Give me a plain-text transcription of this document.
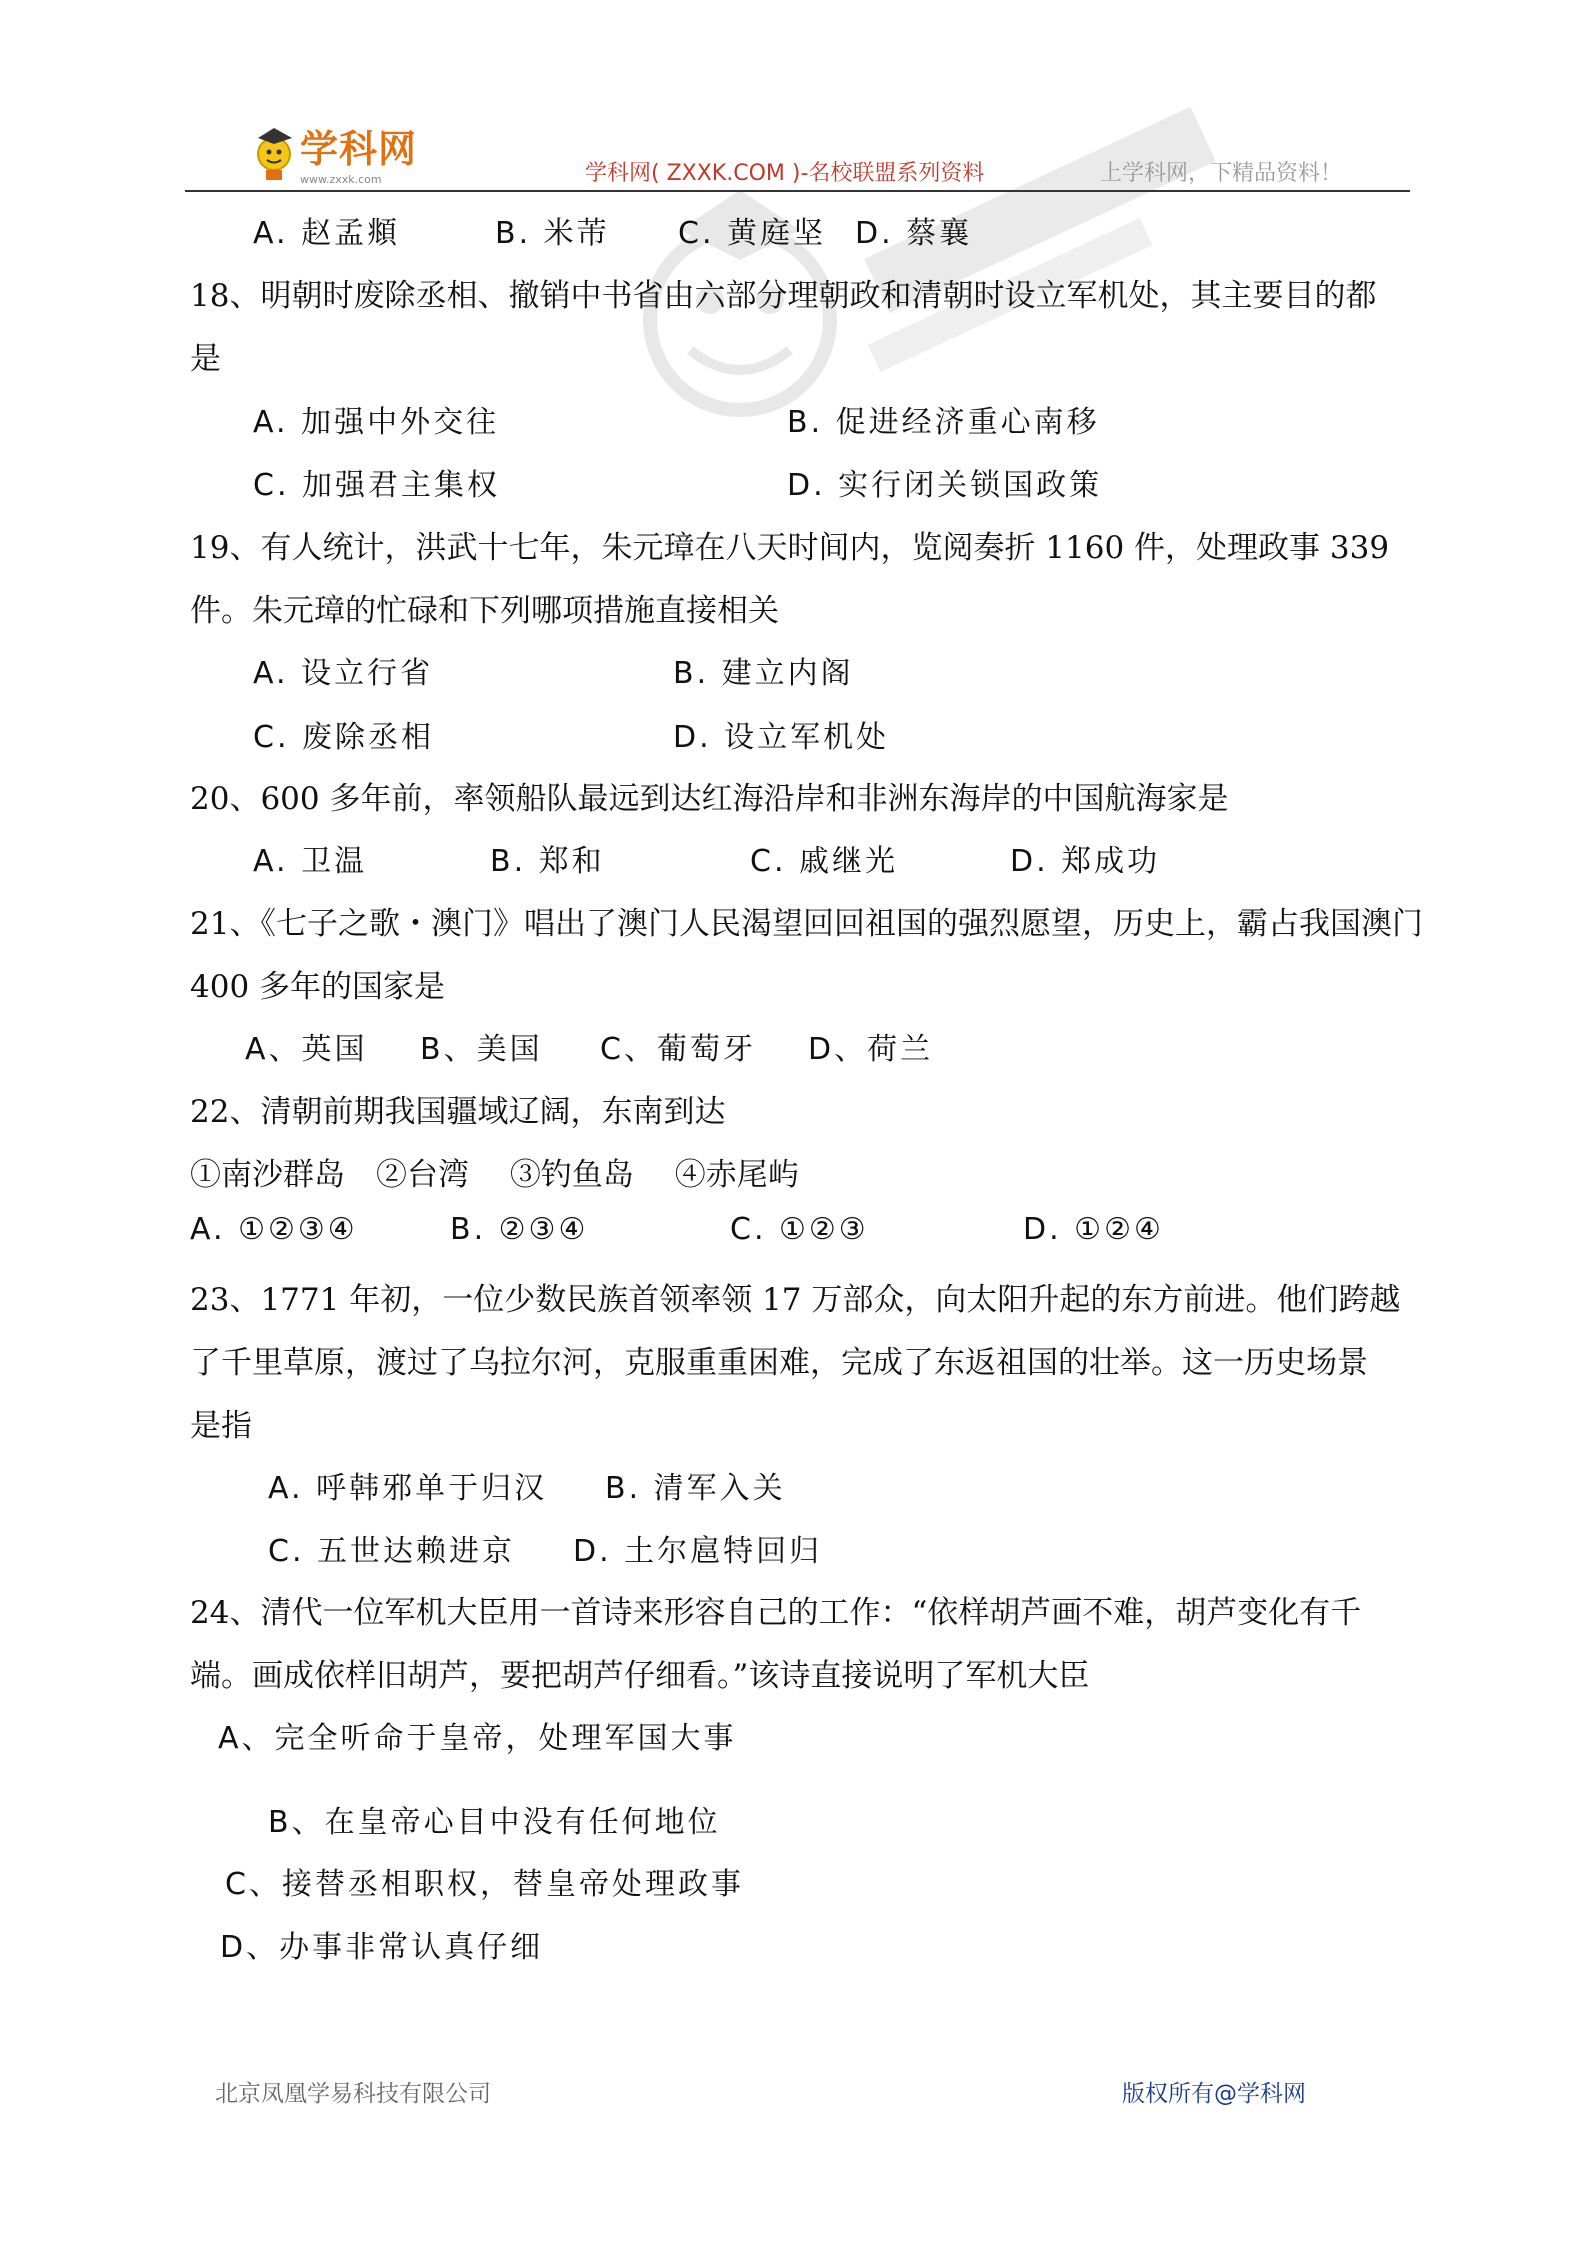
学科网
www.zxxk.com	学科网( ZXXK.COM )-名校联盟系列资料	上学科网，下精品资料！
A. 赵孟頫	B. 米芾 C. 黄庭坚 D. 蔡襄
18、明朝时废除丞相、撤销中书省由六部分理朝政和清朝时设立军机处，其主要目的都
是
A. 加强中外交往	B. 促进经济重心南移
C. 加强君主集权	D. 实行闭关锁国政策
19、有人统计，洪武十七年，朱元璋在八天时间内，览阅奏折 1160 件，处理政事 339
件。朱元璋的忙碌和下列哪项措施直接相关
A. 设立行省	B. 建立内阁
C. 废除丞相	D. 设立军机处
20、600 多年前，率领船队最远到达红海沿岸和非洲东海岸的中国航海家是
A. 卫温	B. 郑和	C. 戚继光	D. 郑成功
21、《七子之歌・澳门》唱出了澳门人民渴望回回祖国的强烈愿望，历史上，霸占我国澳门
400 多年的国家是
A、英国 B、美国 C、葡萄牙 D、荷兰
22、清朝前期我国疆域辽阔，东南到达
①南沙群岛　②台湾　 ③钓鱼岛　 ④赤尾屿
A. ①②③④	B. ②③④	C. ①②③	D. ①②④
23、1771 年初，一位少数民族首领率领 17 万部众，向太阳升起的东方前进。他们跨越
了千里草原，渡过了乌拉尔河，克服重重困难，完成了东返祖国的壮举。这一历史场景
是指
A. 呼韩邪单于归汉 B. 清军入关
C. 五世达赖进京 D. 土尔扈特回归
24、清代一位军机大臣用一首诗来形容自己的工作：“依样胡芦画不难，胡芦变化有千
端。画成依样旧胡芦，要把胡芦仔细看。”该诗直接说明了军机大臣
A、完全听命于皇帝，处理军国大事
B、在皇帝心目中没有任何地位
C、接替丞相职权，替皇帝处理政事
D、办事非常认真仔细
北京凤凰学易科技有限公司	版权所有@学科网
